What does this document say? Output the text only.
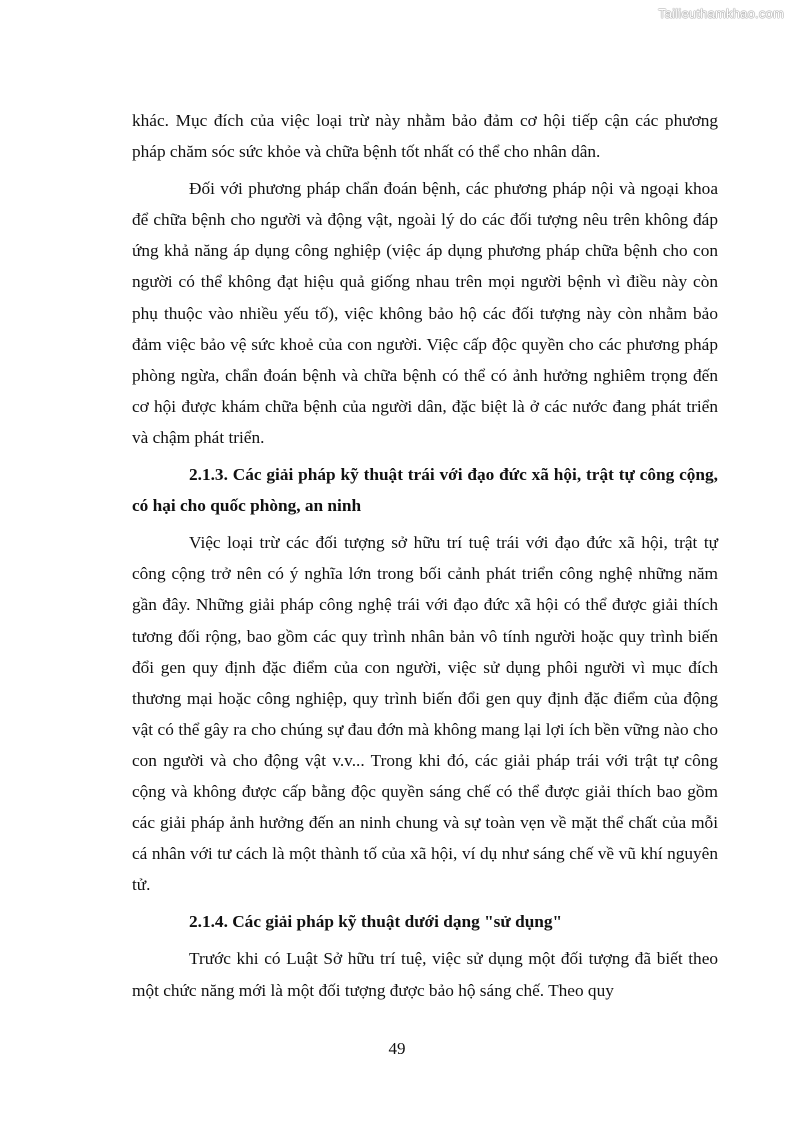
Tailieuthamkhao.com

khác. Mục đích của việc loại trừ này nhằm bảo đảm cơ hội tiếp cận các phương pháp chăm sóc sức khỏe và chữa bệnh tốt nhất có thể cho nhân dân.

Đối với phương pháp chẩn đoán bệnh, các phương pháp nội và ngoại khoa để chữa bệnh cho người và động vật, ngoài lý do các đối tượng nêu trên không đáp ứng khả năng áp dụng công nghiệp (việc áp dụng phương pháp chữa bệnh cho con người có thể không đạt hiệu quả giống nhau trên mọi người bệnh vì điều này còn phụ thuộc vào nhiều yếu tố), việc không bảo hộ các đối tượng này còn nhằm bảo đảm việc bảo vệ sức khoẻ của con người. Việc cấp độc quyền cho các phương pháp phòng ngừa, chẩn đoán bệnh và chữa bệnh có thể có ảnh hưởng nghiêm trọng đến cơ hội được khám chữa bệnh của người dân, đặc biệt là ở các nước đang phát triển và chậm phát triển.

2.1.3. Các giải pháp kỹ thuật trái với đạo đức xã hội, trật tự công cộng, có hại cho quốc phòng, an ninh

Việc loại trừ các đối tượng sở hữu trí tuệ trái với đạo đức xã hội, trật tự công cộng trở nên có ý nghĩa lớn trong bối cảnh phát triển công nghệ những năm gần đây. Những giải pháp công nghệ trái với đạo đức xã hội có thể được giải thích tương đối rộng, bao gồm các quy trình nhân bản vô tính người hoặc quy trình biến đổi gen quy định đặc điểm của con người, việc sử dụng phôi người vì mục đích thương mại hoặc công nghiệp, quy trình biến đổi gen quy định đặc điểm của động vật có thể gây ra cho chúng sự đau đớn mà không mang lại lợi ích bền vững nào cho con người và cho động vật v.v... Trong khi đó, các giải pháp trái với trật tự công cộng và không được cấp bằng độc quyền sáng chế có thể được giải thích bao gồm các giải pháp ảnh hưởng đến an ninh chung và sự toàn vẹn về mặt thể chất của mỗi cá nhân với tư cách là một thành tố của xã hội, ví dụ như sáng chế về vũ khí nguyên tử.

2.1.4. Các giải pháp kỹ thuật dưới dạng "sử dụng"

Trước khi có Luật Sở hữu trí tuệ, việc sử dụng một đối tượng đã biết theo một chức năng mới là một đối tượng được bảo hộ sáng chế. Theo quy

49
